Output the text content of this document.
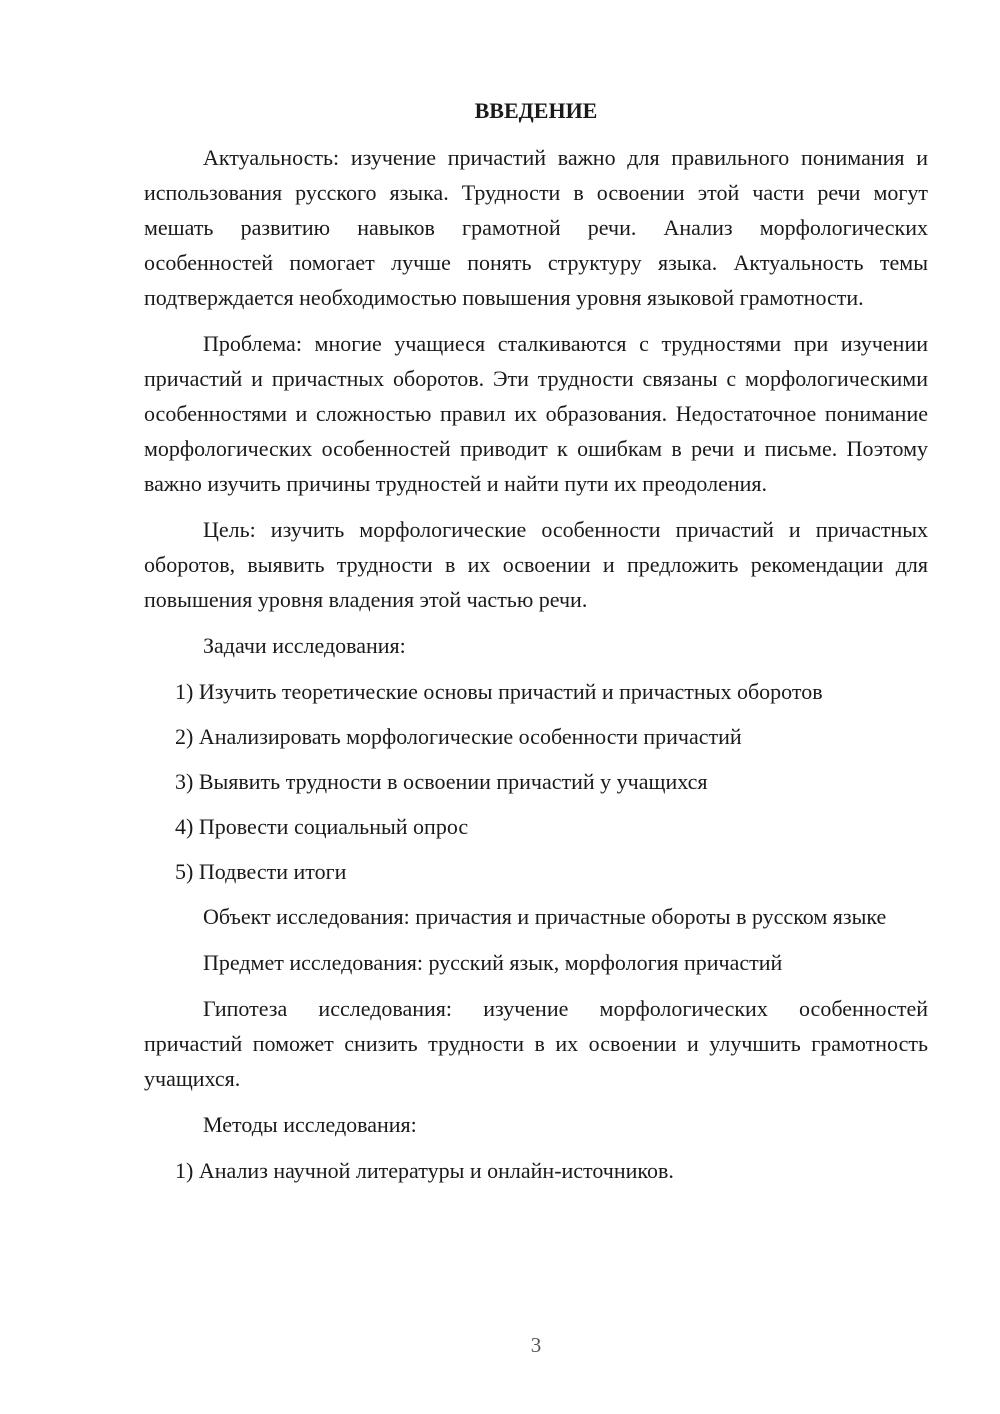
ВВЕДЕНИЕ

Актуальность: изучение причастий важно для правильного понимания и использования русского языка. Трудности в освоении этой части речи могут мешать развитию навыков грамотной речи. Анализ морфологических особенностей помогает лучше понять структуру языка. Актуальность темы подтверждается необходимостью повышения уровня языковой грамотности.

Проблема: многие учащиеся сталкиваются с трудностями при изучении причастий и причастных оборотов. Эти трудности связаны с морфологическими особенностями и сложностью правил их образования. Недостаточное понимание морфологических особенностей приводит к ошибкам в речи и письме. Поэтому важно изучить причины трудностей и найти пути их преодоления.

Цель: изучить морфологические особенности причастий и причастных оборотов, выявить трудности в их освоении и предложить рекомендации для повышения уровня владения этой частью речи.

Задачи исследования:

1) Изучить теоретические основы причастий и причастных оборотов
2) Анализировать морфологические особенности причастий
3) Выявить трудности в освоении причастий у учащихся
4) Провести социальный опрос
5) Подвести итоги

Объект исследования: причастия и причастные обороты в русском языке

Предмет исследования: русский язык, морфология причастий

Гипотеза исследования: изучение морфологических особенностей причастий поможет снизить трудности в их освоении и улучшить грамотность учащихся.

Методы исследования:

1) Анализ научной литературы и онлайн-источников.
3
